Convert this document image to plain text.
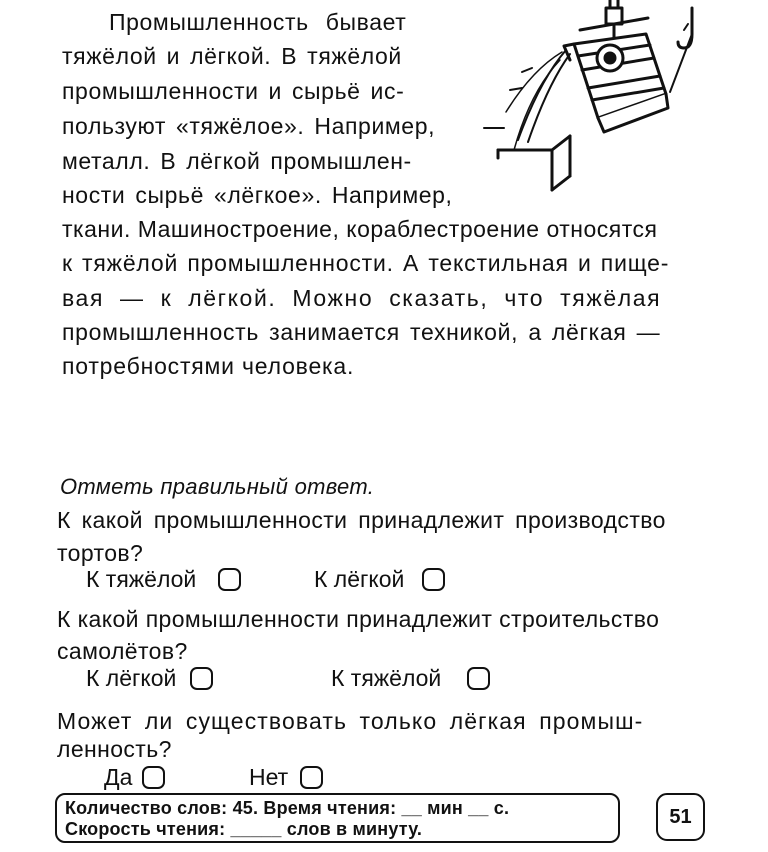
Промышленность бывает
тяжёлой и лёгкой. В тяжёлой
промышленности и сырьё ис-
пользуют «тяжёлое». Например,
металл. В лёгкой промышлен-
ности сырьё «лёгкое». Например,
ткани. Машиностроение, кораблестроение относятся
к тяжёлой промышленности. А текстильная и пище-
вая — к лёгкой. Можно сказать, что тяжёлая
промышленность занимается техникой, а лёгкая —
потребностями человека.
Отметь правильный ответ.
К какой промышленности принадлежит производство
тортов?
К тяжёлой	К лёгкой
К какой промышленности принадлежит строительство
самолётов?
К лёгкой	К тяжёлой
Может ли существовать только лёгкая промыш-
ленность?
Да	Нет
Количество слов: 45. Время чтения: __ мин __ с.
Скорость чтения: _____ слов в минуту.
51
